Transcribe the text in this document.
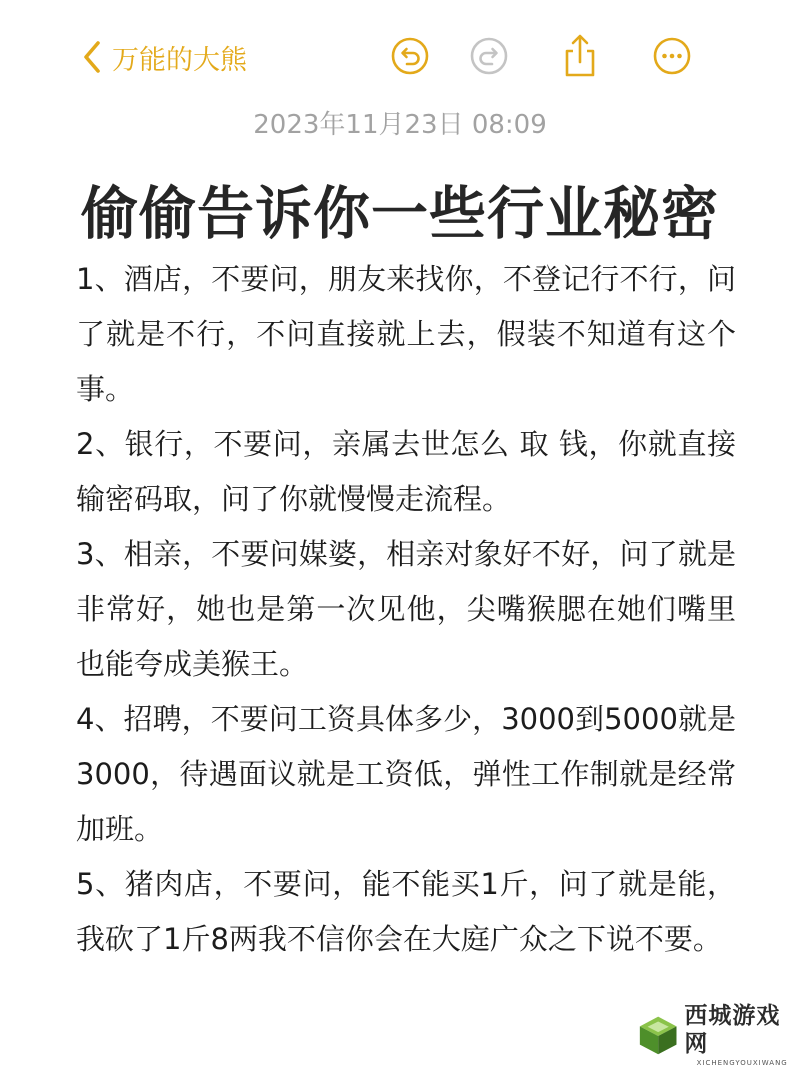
万能的大熊
2023年11月23日 08:09
偷偷告诉你一些行业秘密

1、酒店，不要问，朋友来找你，不登记行不行，问了就是不行，不问直接就上去，假装不知道有这个事。

2、银行，不要问，亲属去世怎么 取 钱，你就直接输密码取，问了你就慢慢走流程。

3、相亲，不要问媒婆，相亲对象好不好，问了就是非常好，她也是第一次见他，尖嘴猴腮在她们嘴里也能夸成美猴王。

4、招聘，不要问工资具体多少，3000到5000就是3000，待遇面议就是工资低，弹性工作制就是经常加班。

5、猪肉店，不要问，能不能买1斤，问了就是能，我砍了1斤8两我不信你会在大庭广众之下说不要。

西城游戏网
XICHENGYOUXIWANG
